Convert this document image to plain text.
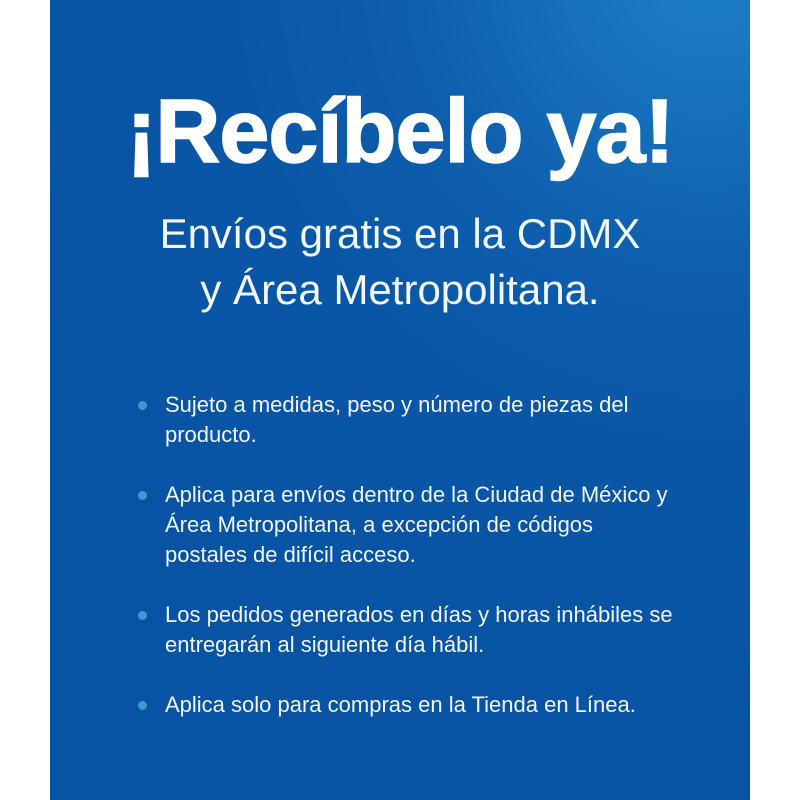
¡Recíbelo ya!

Envíos gratis en la CDMX
y Área Metropolitana.

Sujeto a medidas, peso y número de piezas del producto.
Aplica para envíos dentro de la Ciudad de México y Área Metropolitana, a excepción de códigos postales de difícil acceso.
Los pedidos generados en días y horas inhábiles se entregarán al siguiente día hábil.
Aplica solo para compras en la Tienda en Línea.
